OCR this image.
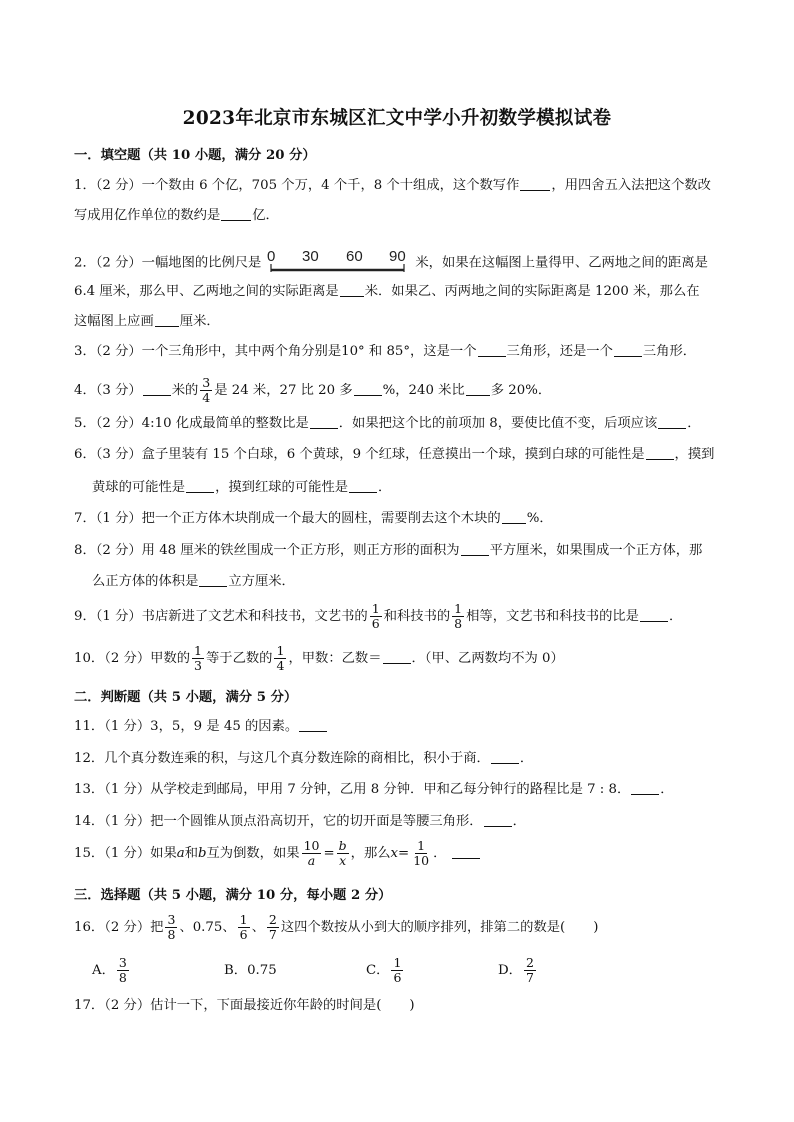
2023年北京市东城区汇文中学小升初数学模拟试卷
一．填空题（共 10 小题，满分 20 分）
1．（2 分）一个数由 6 个亿，705 个万，4 个千，8 个十组成，这个数写作 ，用四舍五入法把这个数改
写成用亿作单位的数约是 亿．
2．（2 分）一幅地图的比例尺是 0 30 60 90 米，如果在这幅图上量得甲、乙两地之间的距离是
6.4 厘米，那么甲、乙两地之间的实际距离是 米．如果乙、丙两地之间的实际距离是 1200 米，那么在
这幅图上应画 厘米．
3．（2 分）一个三角形中，其中两个角分别是10° 和 85°，这是一个 三角形，还是一个 三角形．
4．（3 分） 米的 $\frac{3}{4}$ 是 24 米，27 比 20 多 %，240 米比 多 20%．
5．（2 分）4:10 化成最简单的整数比是 ．如果把这个比的前项加 8，要使比值不变，后项应该 ．
6．（3 分）盒子里装有 15 个白球，6 个黄球，9 个红球，任意摸出一个球，摸到白球的可能性是 ，摸到
黄球的可能性是 ，摸到红球的可能性是 ．
7．（1 分）把一个正方体木块削成一个最大的圆柱，需要削去这个木块的 %．
8．（2 分）用 48 厘米的铁丝围成一个正方形，则正方形的面积为 平方厘米，如果围成一个正方体，那
么正方体的体积是 立方厘米．
9．（1 分）书店新进了文艺术和科技书，文艺书的 $\frac{1}{6}$ 和科技书的 $\frac{1}{8}$ 相等，文艺书和科技书的比是 ．
10．（2 分）甲数的 $\frac{1}{3}$ 等于乙数的 $\frac{1}{4}$ ，甲数：乙数＝ ．（甲、乙两数均不为 0）
二．判断题（共 5 小题，满分 5 分）
11．（1 分）3，5，9 是 45 的因素。
12．几个真分数连乘的积，与这几个真分数连除的商相比，积小于商． ．
13．（1 分）从学校走到邮局，甲用 7 分钟，乙用 8 分钟．甲和乙每分钟行的路程比是 7 : 8． ．
14．（1 分）把一个圆锥从顶点沿高切开，它的切开面是等腰三角形． ．
15．（1 分）如果a和b互为倒数，如果 $\frac{10}{a} = \frac{b}{x}$ ，那么$x= \frac{1}{10}$ ．
三．选择题（共 5 小题，满分 10 分，每小题 2 分）
16．（2 分）把 $\frac{3}{8}$ 、0.75、 $\frac{1}{6}$ 、 $\frac{2}{7}$ 这四个数按从小到大的顺序排列，排第二的数是( )
A． $\frac{3}{8}$	B．0.75	C． $\frac{1}{6}$	D． $\frac{2}{7}$
17．（2 分）估计一下，下面最接近你年龄的时间是( )
